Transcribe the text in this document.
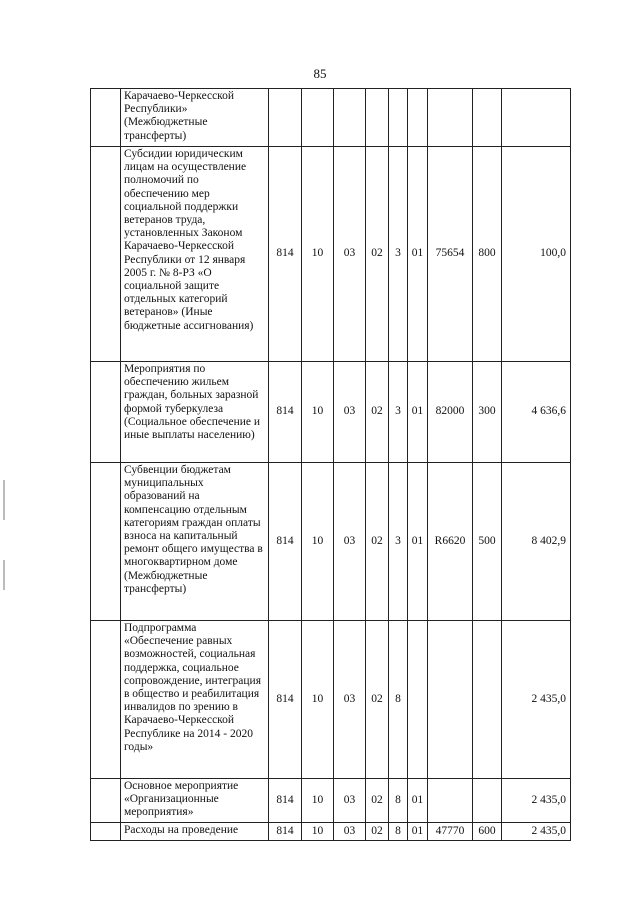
85
	Карачаево-Черкесской Республики» (Межбюджетные трансферты)									
	Субсидии юридическим лицам на осуществление полномочий по обеспечению мер социальной поддержки ветеранов труда, установленных Законом Карачаево-Черкесской Республики от 12 января 2005 г. № 8-РЗ «О социальной защите отдельных категорий ветеранов» (Иные бюджетные ассигнования)	814	10	03	02	3	01	75654	800	100,0
	Мероприятия по обеспечению жильем граждан, больных заразной формой туберкулеза (Социальное обеспечение и иные выплаты населению)	814	10	03	02	3	01	82000	300	4 636,6
	Субвенции бюджетам муниципальных образований на компенсацию отдельным категориям граждан оплаты взноса на капитальный ремонт общего имущества в многоквартирном доме (Межбюджетные трансферты)	814	10	03	02	3	01	R6620	500	8 402,9
	Подпрограмма «Обеспечение равных возможностей, социальная поддержка, социальное сопровождение, интеграция в общество и реабилитация инвалидов по зрению в Карачаево-Черкесской Республике на 2014 - 2020 годы»	814	10	03	02	8				2 435,0
	Основное мероприятие «Организационные мероприятия»	814	10	03	02	8	01			2 435,0
	Расходы на проведение	814	10	03	02	8	01	47770	600	2 435,0
